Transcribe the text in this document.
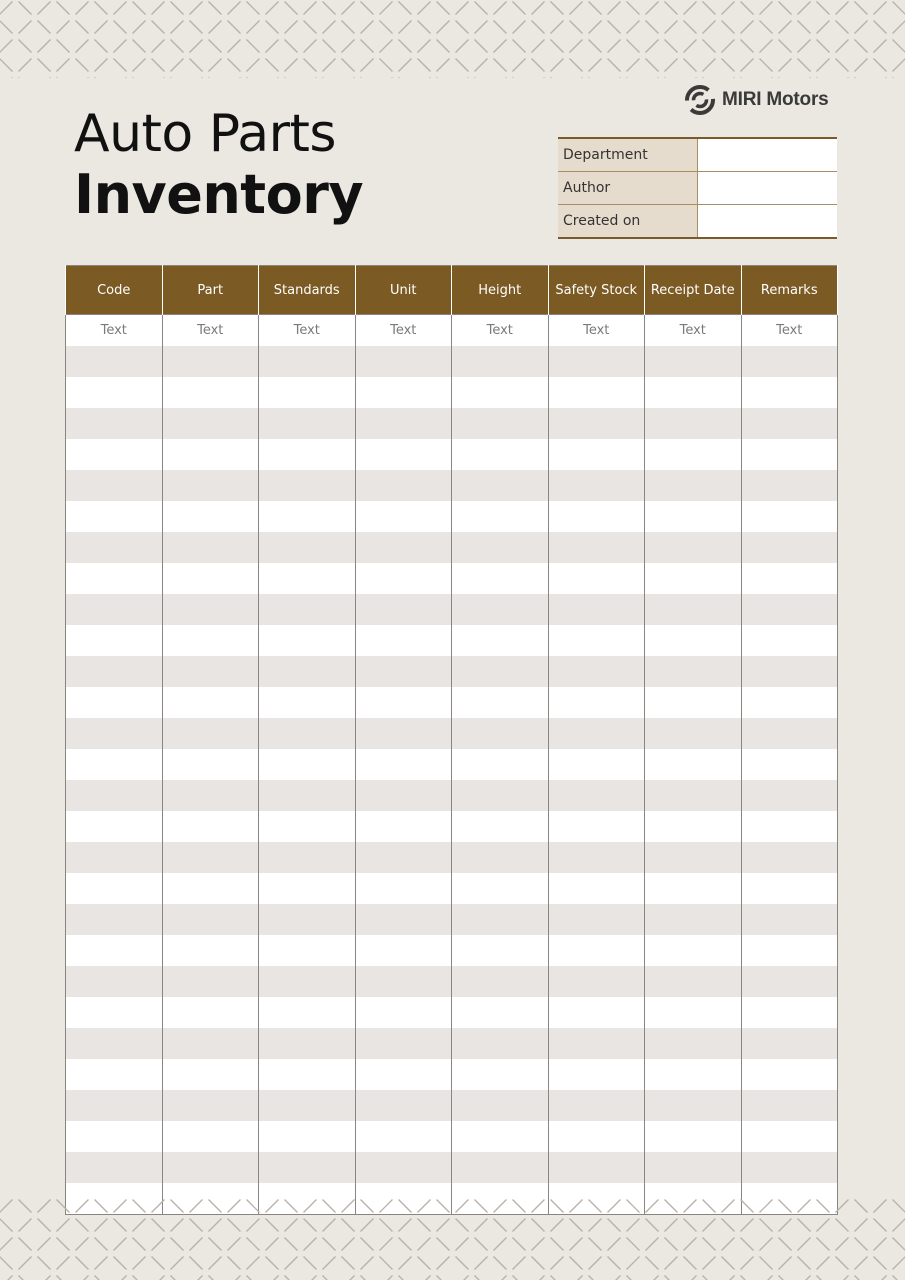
MIRI Motors
Auto Parts
Inventory
Department	
Author	
Created on	
Code	Part	Standards	Unit	Height	Safety Stock	Receipt Date	Remarks
Text	Text	Text	Text	Text	Text	Text	Text
